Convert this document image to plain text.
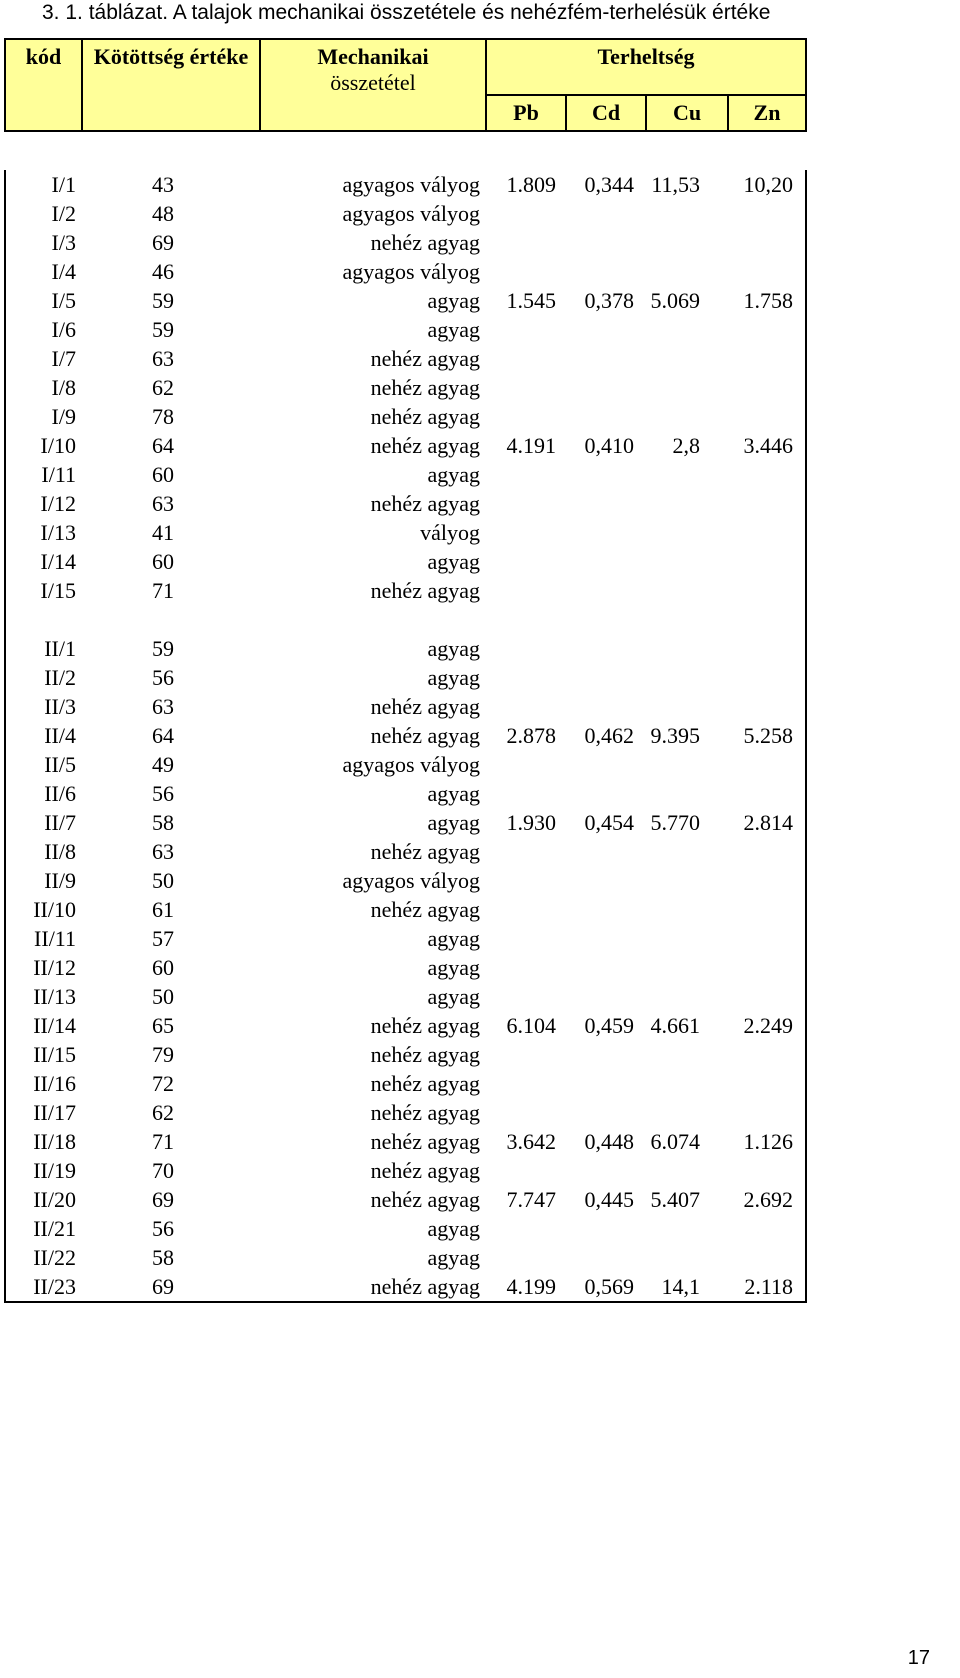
3. 1. táblázat. A talajok mechanikai összetétele és nehézfém-terhelésük értéke
kód	Kötöttség értéke	Mechanikai
összetétel	Terheltség			
			Pb	Cd	Cu	Zn
I/1	43	agyagos vályog	1.809	0,344	11,53	10,20
I/2	48	agyagos vályog				
I/3	69	nehéz agyag				
I/4	46	agyagos vályog				
I/5	59	agyag	1.545	0,378	5.069	1.758
I/6	59	agyag				
I/7	63	nehéz agyag				
I/8	62	nehéz agyag				
I/9	78	nehéz agyag				
I/10	64	nehéz agyag	4.191	0,410	2,8	3.446
I/11	60	agyag				
I/12	63	nehéz agyag				
I/13	41	vályog				
I/14	60	agyag				
I/15	71	nehéz agyag				

II/1	59	agyag				
II/2	56	agyag				
II/3	63	nehéz agyag				
II/4	64	nehéz agyag	2.878	0,462	9.395	5.258
II/5	49	agyagos vályog				
II/6	56	agyag				
II/7	58	agyag	1.930	0,454	5.770	2.814
II/8	63	nehéz agyag				
II/9	50	agyagos vályog				
II/10	61	nehéz agyag				
II/11	57	agyag				
II/12	60	agyag				
II/13	50	agyag				
II/14	65	nehéz agyag	6.104	0,459	4.661	2.249
II/15	79	nehéz agyag				
II/16	72	nehéz agyag				
II/17	62	nehéz agyag				
II/18	71	nehéz agyag	3.642	0,448	6.074	1.126
II/19	70	nehéz agyag				
II/20	69	nehéz agyag	7.747	0,445	5.407	2.692
II/21	56	agyag				
II/22	58	agyag				
II/23	69	nehéz agyag	4.199	0,569	14,1	2.118
17
